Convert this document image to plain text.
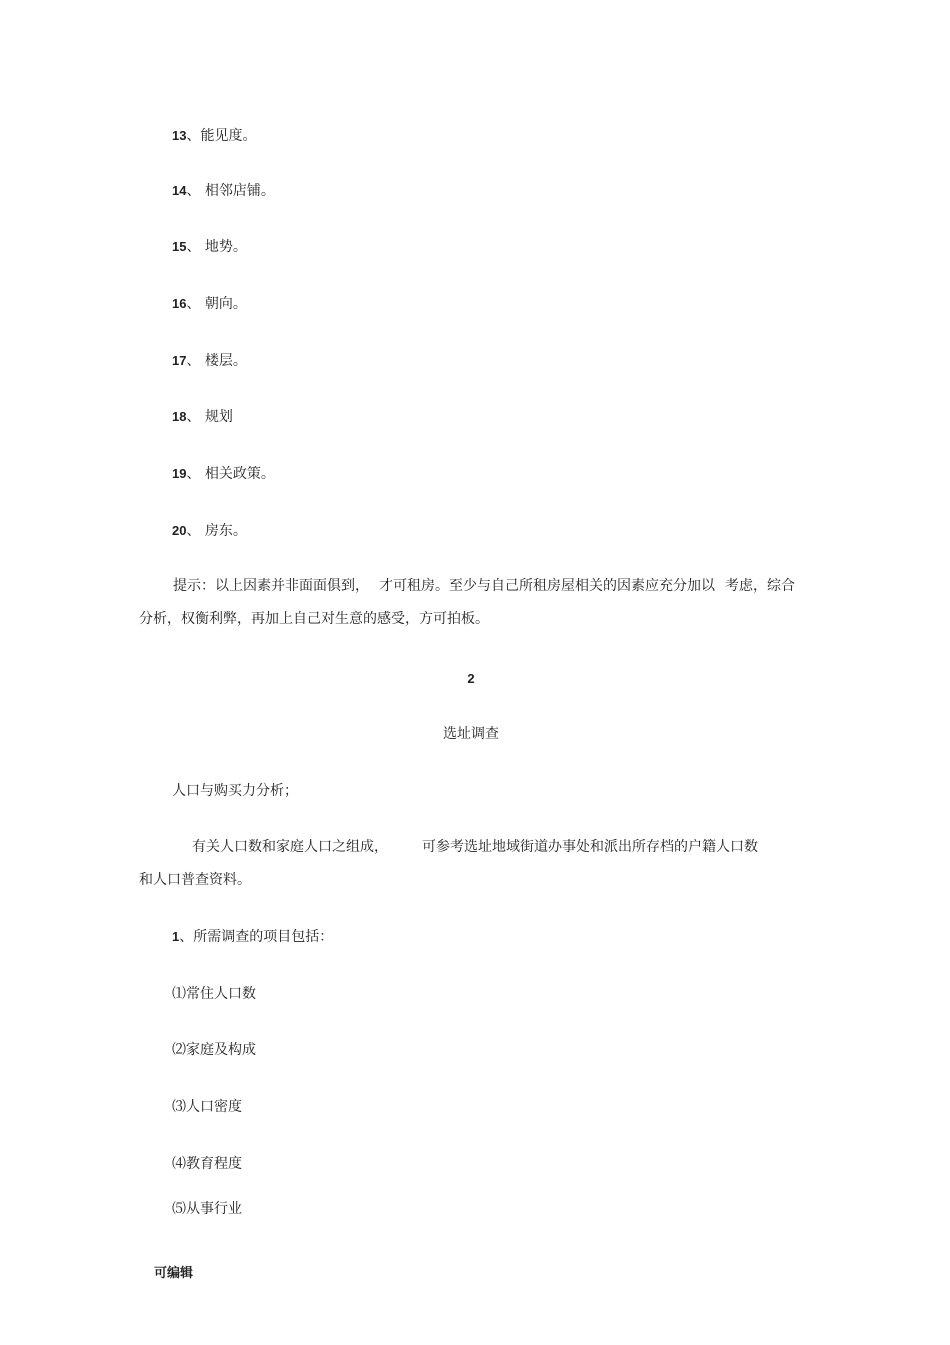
13、能见度。
14、 相邻店铺。
15、 地势。
16、 朝向。
17、 楼层。
18、 规划
19、 相关政策。
20、 房东。
提示：以上因素并非面面俱到， 才可租房。至少与自己所租房屋相关的因素应充分加以 考虑，综合分析，权衡利弊，再加上自己对生意的感受，方可拍板。
2
选址调查
人口与购买力分析；
有关人口数和家庭人口之组成， 可参考选址地域街道办事处和派出所存档的户籍人口数
和人口普查资料。
1、所需调查的项目包括：
⑴常住人口数
⑵家庭及构成
⑶人口密度
⑷教育程度
⑸从事行业
可编辑
